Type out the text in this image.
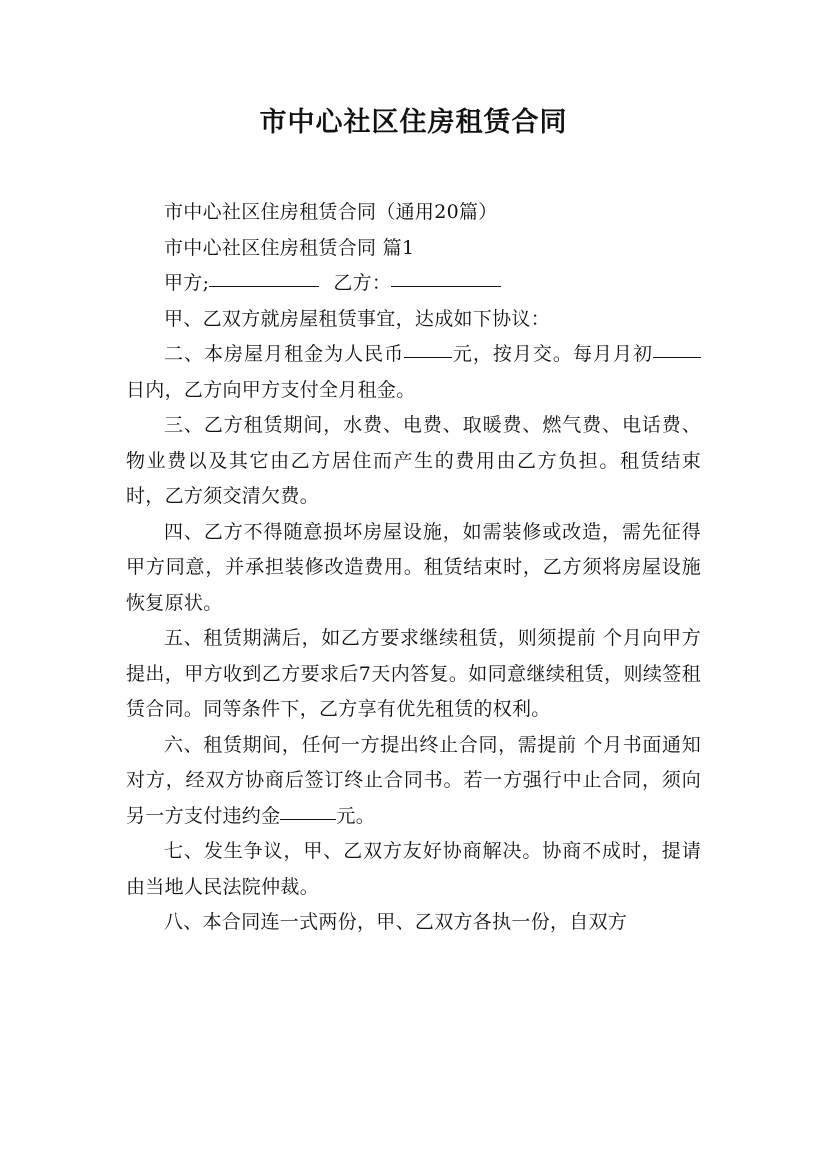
市中心社区住房租赁合同

市中心社区住房租赁合同（通用20篇）

市中心社区住房租赁合同 篇1

甲方;	乙方：

甲、乙双方就房屋租赁事宜，达成如下协议：

二、本房屋月租金为人民币	元，按月交。每月月初日内，乙方向甲方支付全月租金。

三、乙方租赁期间，水费、电费、取暖费、燃气费、电话费、物业费以及其它由乙方居住而产生的费用由乙方负担。租赁结束时，乙方须交清欠费。

四、乙方不得随意损坏房屋设施，如需装修或改造，需先征得甲方同意，并承担装修改造费用。租赁结束时，乙方须将房屋设施恢复原状。

五、租赁期满后，如乙方要求继续租赁，则须提前 个月向甲方提出，甲方收到乙方要求后7天内答复。如同意继续租赁，则续签租赁合同。同等条件下，乙方享有优先租赁的权利。

六、租赁期间，任何一方提出终止合同，需提前 个月书面通知对方，经双方协商后签订终止合同书。若一方强行中止合同，须向另一方支付违约金	元。

七、发生争议，甲、乙双方友好协商解决。协商不成时，提请由当地人民法院仲裁。

八、本合同连一式两份，甲、乙双方各执一份，自双方
